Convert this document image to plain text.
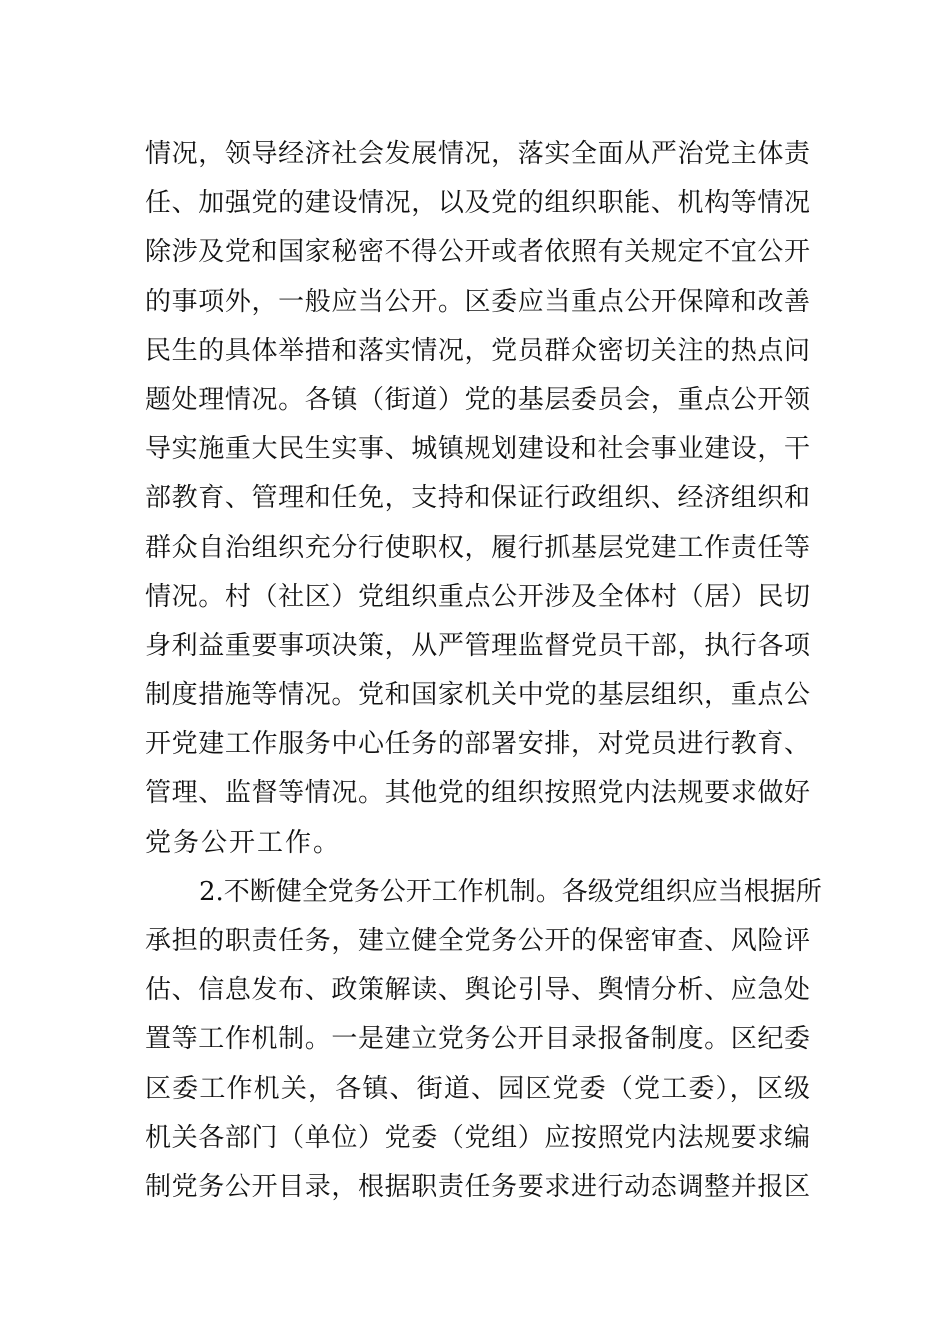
情况，领导经济社会发展情况，落实全面从严治党主体责
任、加强党的建设情况，以及党的组织职能、机构等情况
除涉及党和国家秘密不得公开或者依照有关规定不宜公开
的事项外，一般应当公开。区委应当重点公开保障和改善
民生的具体举措和落实情况，党员群众密切关注的热点问
题处理情况。各镇（街道）党的基层委员会，重点公开领
导实施重大民生实事、城镇规划建设和社会事业建设，干
部教育、管理和任免，支持和保证行政组织、经济组织和
群众自治组织充分行使职权，履行抓基层党建工作责任等
情况。村（社区）党组织重点公开涉及全体村（居）民切
身利益重要事项决策，从严管理监督党员干部，执行各项
制度措施等情况。党和国家机关中党的基层组织，重点公
开党建工作服务中心任务的部署安排，对党员进行教育、
管理、监督等情况。其他党的组织按照党内法规要求做好
党务公开工作。
2.不断健全党务公开工作机制。各级党组织应当根据所
承担的职责任务，建立健全党务公开的保密审查、风险评
估、信息发布、政策解读、舆论引导、舆情分析、应急处
置等工作机制。一是建立党务公开目录报备制度。区纪委
区委工作机关，各镇、街道、园区党委（党工委），区级
机关各部门（单位）党委（党组）应按照党内法规要求编
制党务公开目录，根据职责任务要求进行动态调整并报区
